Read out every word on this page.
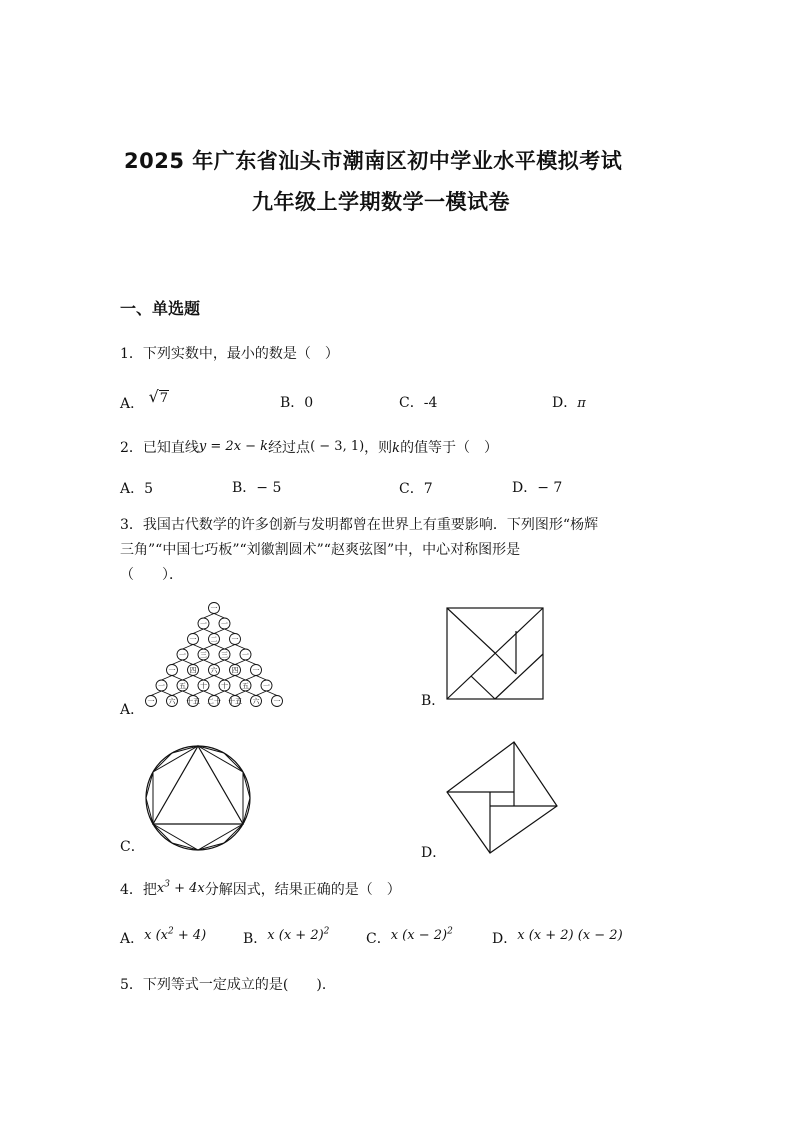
2025 年广东省汕头市潮南区初中学业水平模拟考试
九年级上学期数学一模试卷
一、单选题
1．下列实数中，最小的数是（　）
A． √7	B．0	C．-4	D．π
2．已知直线y = 2x − k经过点( − 3, 1)，则k的值等于（　）
A．5	B．− 5	C．7	D．− 7
3．我国古代数学的许多创新与发明都曾在世界上有重要影响．下列图形“杨辉
三角”“中国七巧板”“刘徽割圆术”“赵爽弦图”中，中心对称图形是
（　　）．
A．
一
一 一
一 二 一
一 三 三 一
一 四 六 四 一
一 五 十 十 五 一
一 六 十五 二十 十五 六 一	B．
C．	D．
4．把$x^3 + 4x$分解因式，结果正确的是（　）
A．x $(x^2 + 4)$	B．x $(x + 2)^2$	C．x $(x - 2)^2$	D．x (x + 2) (x − 2)
5．下列等式一定成立的是(　　)．
